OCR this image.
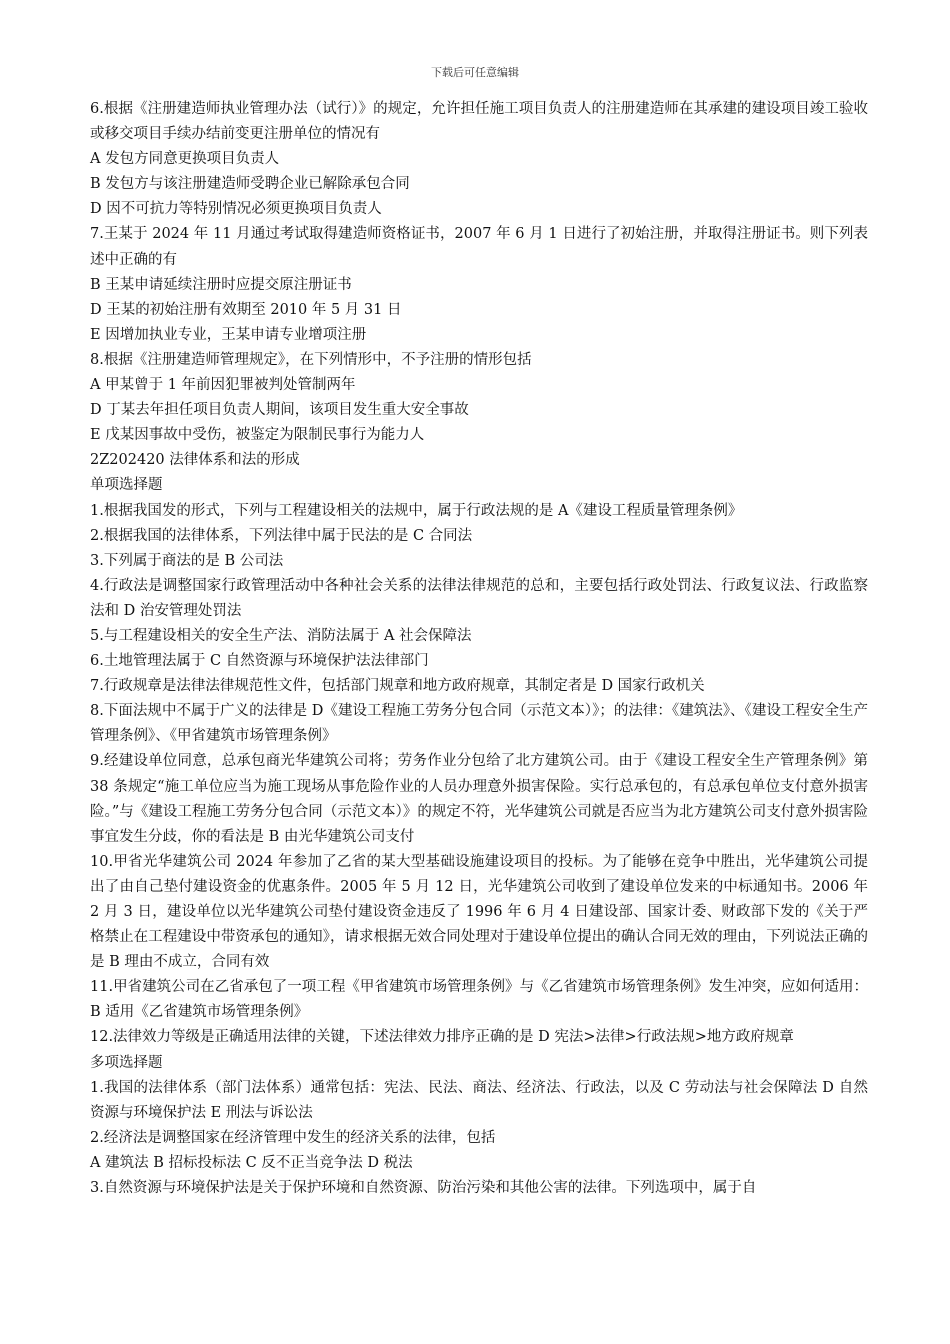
下载后可任意编辑

6.根据《注册建造师执业管理办法（试行）》的规定，允许担任施工项目负责人的注册建造师在其承建的建设项目竣工验收或移交项目手续办结前变更注册单位的情况有

A 发包方同意更换项目负责人

B 发包方与该注册建造师受聘企业已解除承包合同

D 因不可抗力等特别情况必须更换项目负责人

7.王某于 2024 年 11 月通过考试取得建造师资格证书，2007 年 6 月 1 日进行了初始注册，并取得注册证书。则下列表述中正确的有

B 王某申请延续注册时应提交原注册证书

D 王某的初始注册有效期至 2010 年 5 月 31 日

E 因增加执业专业，王某申请专业增项注册

8.根据《注册建造师管理规定》，在下列情形中，不予注册的情形包括

A 甲某曾于 1 年前因犯罪被判处管制两年

D 丁某去年担任项目负责人期间，该项目发生重大安全事故

E 戊某因事故中受伤，被鉴定为限制民事行为能力人

2Z202420 法律体系和法的形成

单项选择题

1.根据我国发的形式，下列与工程建设相关的法规中，属于行政法规的是 A《建设工程质量管理条例》

2.根据我国的法律体系，下列法律中属于民法的是 C 合同法

3.下列属于商法的是 B 公司法

4.行政法是调整国家行政管理活动中各种社会关系的法律法律规范的总和，主要包括行政处罚法、行政复议法、行政监察法和 D 治安管理处罚法

5.与工程建设相关的安全生产法、消防法属于 A 社会保障法

6.土地管理法属于 C 自然资源与环境保护法法律部门

7.行政规章是法律法律规范性文件，包括部门规章和地方政府规章，其制定者是 D 国家行政机关

8.下面法规中不属于广义的法律是 D《建设工程施工劳务分包合同（示范文本）》；的法律：《建筑法》、《建设工程安全生产管理条例》、《甲省建筑市场管理条例》

9.经建设单位同意，总承包商光华建筑公司将；劳务作业分包给了北方建筑公司。由于《建设工程安全生产管理条例》第 38 条规定“施工单位应当为施工现场从事危险作业的人员办理意外损害保险。实行总承包的，有总承包单位支付意外损害险。”与《建设工程施工劳务分包合同（示范文本）》的规定不符，光华建筑公司就是否应当为北方建筑公司支付意外损害险事宜发生分歧，你的看法是 B 由光华建筑公司支付

10.甲省光华建筑公司 2024 年参加了乙省的某大型基础设施建设项目的投标。为了能够在竞争中胜出，光华建筑公司提出了由自己垫付建设资金的优惠条件。2005 年 5 月 12 日，光华建筑公司收到了建设单位发来的中标通知书。2006 年 2 月 3 日，建设单位以光华建筑公司垫付建设资金违反了 1996 年 6 月 4 日建设部、国家计委、财政部下发的《关于严格禁止在工程建设中带资承包的通知》，请求根据无效合同处理对于建设单位提出的确认合同无效的理由，下列说法正确的是 B 理由不成立，合同有效

11.甲省建筑公司在乙省承包了一项工程《甲省建筑市场管理条例》与《乙省建筑市场管理条例》发生冲突，应如何适用：B 适用《乙省建筑市场管理条例》

12.法律效力等级是正确适用法律的关键，下述法律效力排序正确的是 D 宪法>法律>行政法规>地方政府规章

多项选择题

1.我国的法律体系（部门法体系）通常包括：宪法、民法、商法、经济法、行政法，以及 C 劳动法与社会保障法 D 自然资源与环境保护法 E 刑法与诉讼法

2.经济法是调整国家在经济管理中发生的经济关系的法律，包括

A 建筑法 B 招标投标法 C 反不正当竞争法 D 税法

3.自然资源与环境保护法是关于保护环境和自然资源、防治污染和其他公害的法律。下列选项中，属于自
